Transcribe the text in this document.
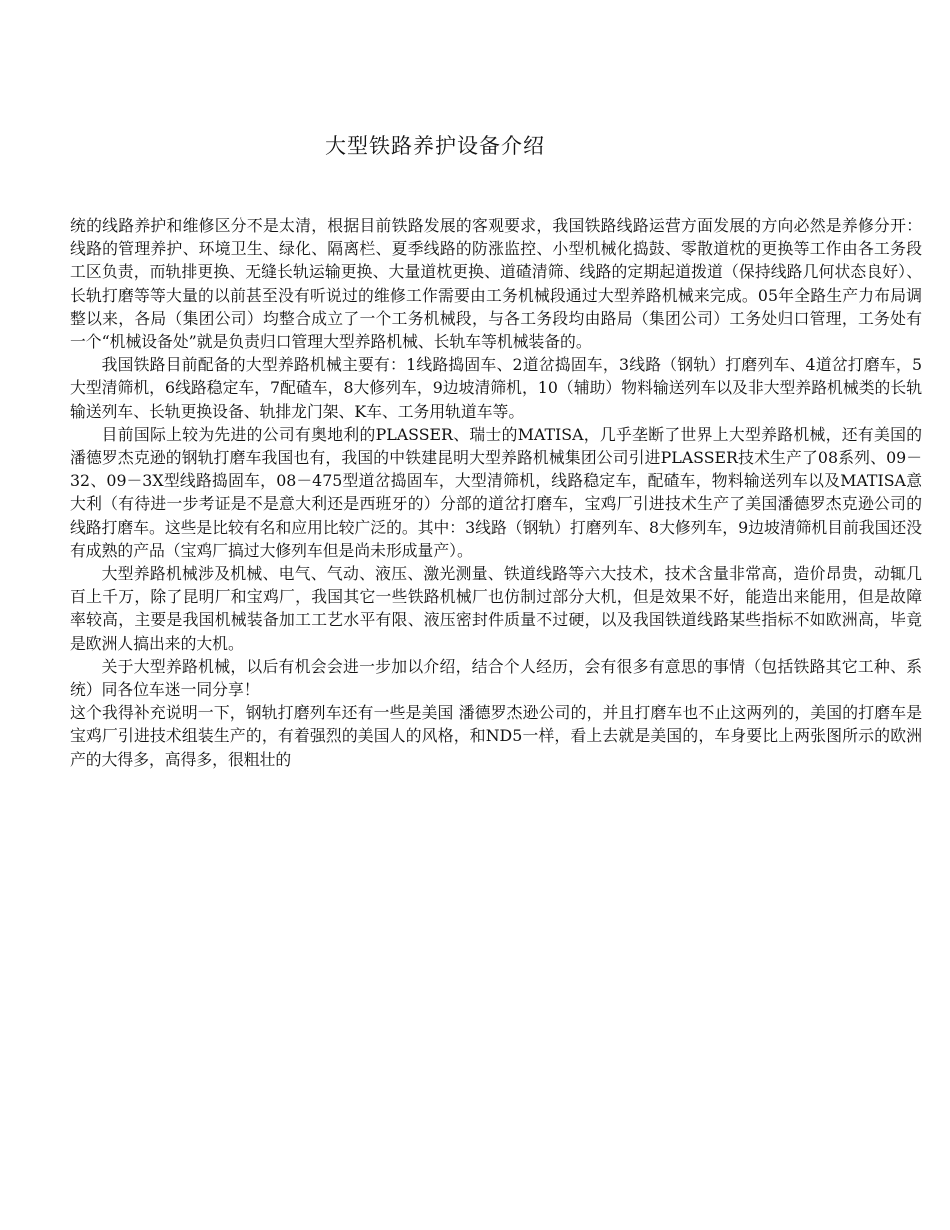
大型铁路养护设备介绍

统的线路养护和维修区分不是太清，根据目前铁路发展的客观要求，我国铁路线路运营方面发展的方向必然是养修分开：线路的管理养护、环境卫生、绿化、隔离栏、夏季线路的防涨监控、小型机械化捣鼓、零散道枕的更换等工作由各工务段工区负责，而轨排更换、无缝长轨运输更换、大量道枕更换、道碴清筛、线路的定期起道拨道（保持线路几何状态良好）、长轨打磨等等大量的以前甚至没有听说过的维修工作需要由工务机械段通过大型养路机械来完成。05年全路生产力布局调整以来，各局（集团公司）均整合成立了一个工务机械段，与各工务段均由路局（集团公司）工务处归口管理，工务处有一个“机械设备处”就是负责归口管理大型养路机械、长轨车等机械装备的。

我国铁路目前配备的大型养路机械主要有：1线路捣固车、2道岔捣固车，3线路（钢轨）打磨列车、4道岔打磨车，5大型清筛机，6线路稳定车，7配碴车，8大修列车，9边坡清筛机，10（辅助）物料输送列车以及非大型养路机械类的长轨输送列车、长轨更换设备、轨排龙门架、K车、工务用轨道车等。

目前国际上较为先进的公司有奥地利的PLASSER、瑞士的MATISA，几乎垄断了世界上大型养路机械，还有美国的潘德罗杰克逊的钢轨打磨车我国也有，我国的中铁建昆明大型养路机械集团公司引进PLASSER技术生产了08系列、09－32、09－3X型线路捣固车，08－475型道岔捣固车，大型清筛机，线路稳定车，配碴车，物料输送列车以及MATISA意大利（有待进一步考证是不是意大利还是西班牙的）分部的道岔打磨车，宝鸡厂引进技术生产了美国潘德罗杰克逊公司的线路打磨车。这些是比较有名和应用比较广泛的。其中：3线路（钢轨）打磨列车、8大修列车，9边坡清筛机目前我国还没有成熟的产品（宝鸡厂搞过大修列车但是尚未形成量产）。

大型养路机械涉及机械、电气、气动、液压、激光测量、铁道线路等六大技术，技术含量非常高，造价昂贵，动辄几百上千万，除了昆明厂和宝鸡厂，我国其它一些铁路机械厂也仿制过部分大机，但是效果不好，能造出来能用，但是故障率较高，主要是我国机械装备加工工艺水平有限、液压密封件质量不过硬，以及我国铁道线路某些指标不如欧洲高，毕竟是欧洲人搞出来的大机。

关于大型养路机械，以后有机会会进一步加以介绍，结合个人经历，会有很多有意思的事情（包括铁路其它工种、系统）同各位车迷一同分享！

这个我得补充说明一下，钢轨打磨列车还有一些是美国 潘德罗杰逊公司的，并且打磨车也不止这两列的，美国的打磨车是宝鸡厂引进技术组装生产的，有着强烈的美国人的风格，和ND5一样，看上去就是美国的，车身要比上两张图所示的欧洲产的大得多，高得多，很粗壮的
